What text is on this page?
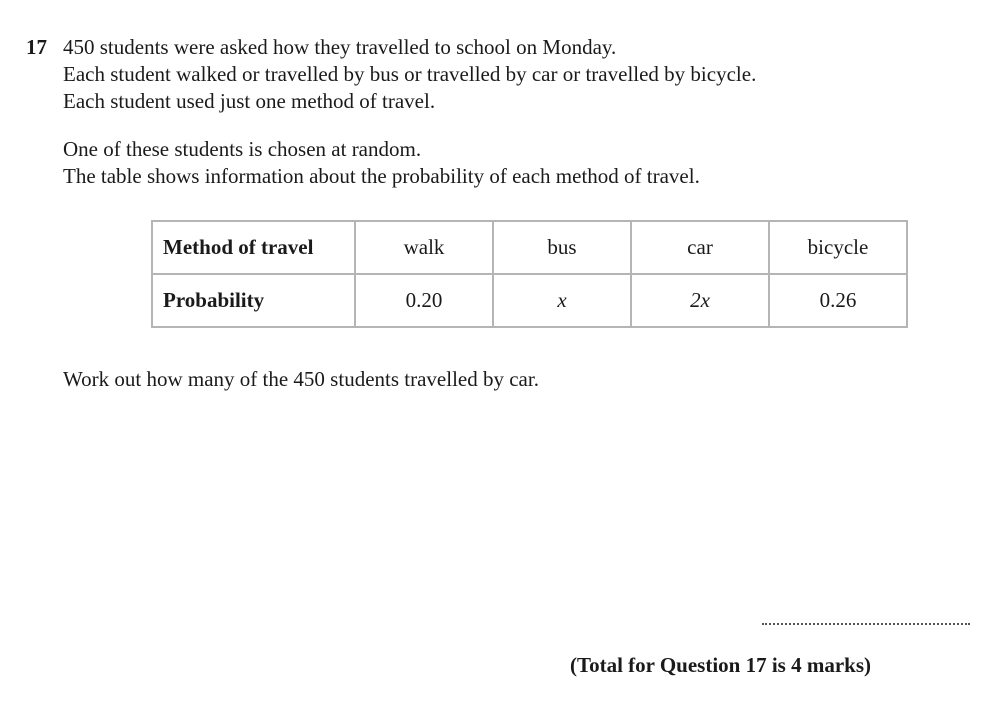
17 450 students were asked how they travelled to school on Monday.
Each student walked or travelled by bus or travelled by car or travelled by bicycle.
Each student used just one method of travel.
One of these students is chosen at random.
The table shows information about the probability of each method of travel.
Method of travel	walk	bus	car	bicycle
Probability	0.20	x	2x	0.26
Work out how many of the 450 students travelled by car.
(Total for Question 17 is 4 marks)
